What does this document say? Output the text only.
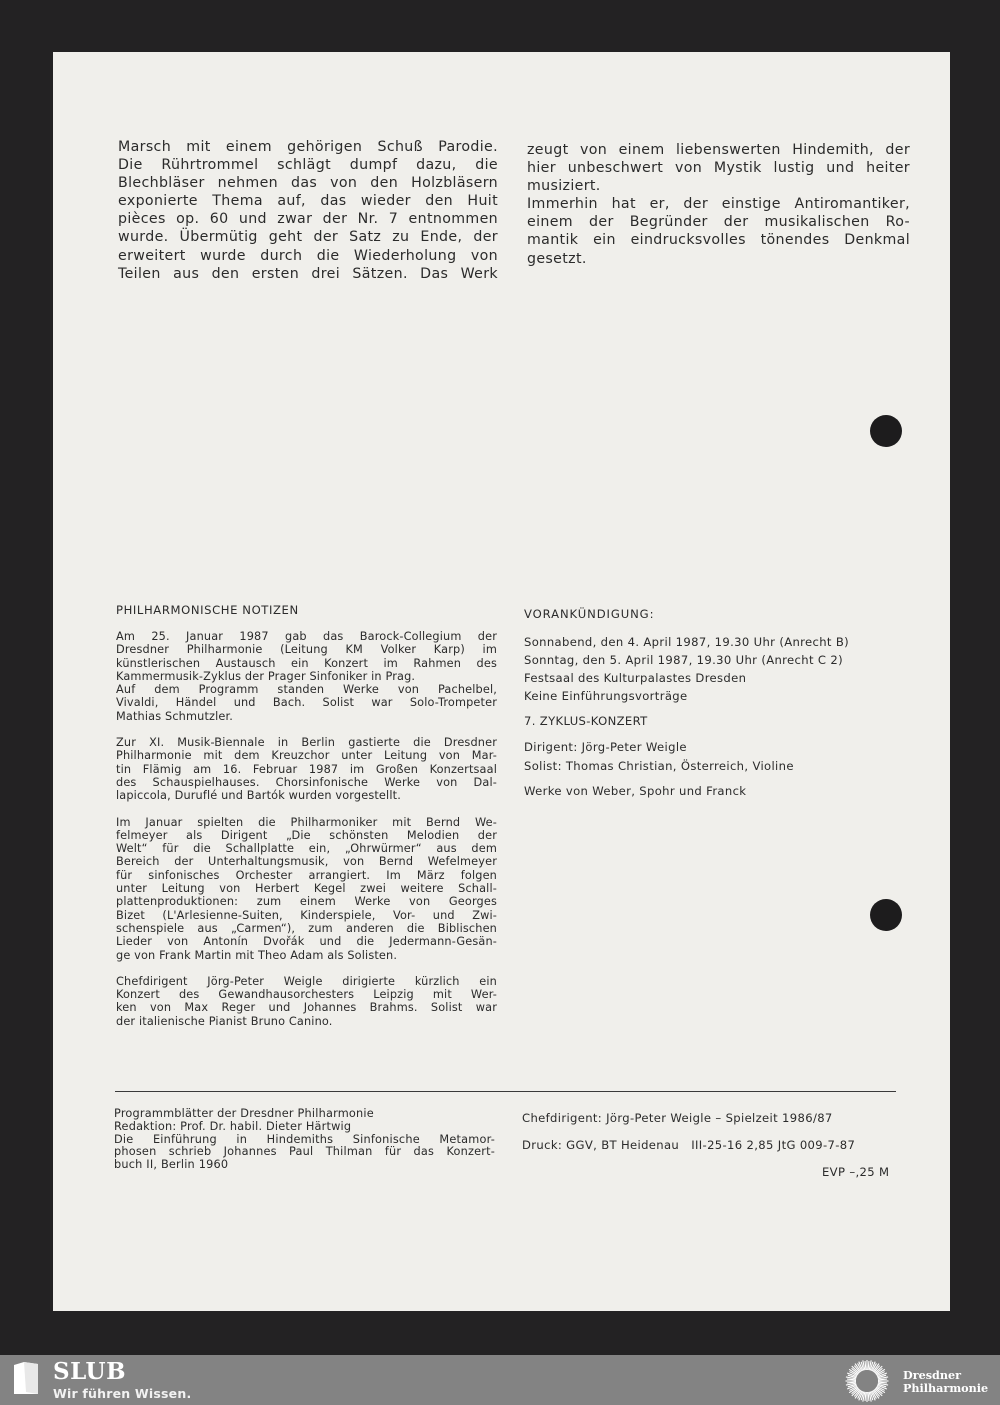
Marsch mit einem gehörigen Schuß Parodie.

Die Rührtrommel schlägt dumpf dazu, die

Blechbläser nehmen das von den Holzbläsern

exponierte Thema auf, das wieder den Huit

pièces op. 60 und zwar der Nr. 7 entnommen

wurde. Übermütig geht der Satz zu Ende, der

erweitert wurde durch die Wiederholung von

Teilen aus den ersten drei Sätzen. Das Werk

zeugt von einem liebenswerten Hindemith, der

hier unbeschwert von Mystik lustig und heiter

musiziert.

Immerhin hat er, der einstige Antiromantiker,

einem der Begründer der musikalischen Ro-

mantik ein eindrucksvolles tönendes Denkmal

gesetzt.

PHILHARMONISCHE NOTIZEN

Am 25. Januar 1987 gab das Barock-Collegium der
Dresdner Philharmonie (Leitung KM Volker Karp) im
künstlerischen Austausch ein Konzert im Rahmen des
Kammermusik-Zyklus der Prager Sinfoniker in Prag.
Auf dem Programm standen Werke von Pachelbel,
Vivaldi, Händel und Bach. Solist war Solo-Trompeter
Mathias Schmutzler.
Zur XI. Musik-Biennale in Berlin gastierte die Dresdner
Philharmonie mit dem Kreuzchor unter Leitung von Mar-
tin Flämig am 16. Februar 1987 im Großen Konzertsaal
des Schauspielhauses. Chorsinfonische Werke von Dal-
lapiccola, Duruflé und Bartók wurden vorgestellt.
Im Januar spielten die Philharmoniker mit Bernd We-
felmeyer als Dirigent „Die schönsten Melodien der
Welt“ für die Schallplatte ein, „Ohrwürmer“ aus dem
Bereich der Unterhaltungsmusik, von Bernd Wefelmeyer
für sinfonisches Orchester arrangiert. Im März folgen
unter Leitung von Herbert Kegel zwei weitere Schall-
plattenproduktionen: zum einem Werke von Georges
Bizet (L'Arlesienne-Suiten, Kinderspiele, Vor- und Zwi-
schenspiele aus „Carmen“), zum anderen die Biblischen
Lieder von Antonín Dvořák und die Jedermann-Gesän-
ge von Frank Martin mit Theo Adam als Solisten.
Chefdirigent Jörg-Peter Weigle dirigierte kürzlich ein
Konzert des Gewandhausorchesters Leipzig mit Wer-
ken von Max Reger und Johannes Brahms. Solist war
der italienische Pianist Bruno Canino.
VORANKÜNDIGUNG:
Sonnabend, den 4. April 1987, 19.30 Uhr (Anrecht B)
Sonntag, den 5. April 1987, 19.30 Uhr (Anrecht C 2)
Festsaal des Kulturpalastes Dresden
Keine Einführungsvorträge
7. ZYKLUS-KONZERT
Dirigent: Jörg-Peter Weigle
Solist: Thomas Christian, Österreich, Violine
Werke von Weber, Spohr und Franck
Programmblätter der Dresdner Philharmonie
Redaktion: Prof. Dr. habil. Dieter Härtwig
Die Einführung in Hindemiths Sinfonische Metamor-
phosen schrieb Johannes Paul Thilman für das Konzert-
buch II, Berlin 1960
Chefdirigent: Jörg-Peter Weigle – Spielzeit 1986/87
Druck: GGV, BT Heidenau   III-25-16 2,85 JtG 009-7-87
EVP –,25 M
SLUB
Wir führen Wissen.
Dresdner
Philharmonie
